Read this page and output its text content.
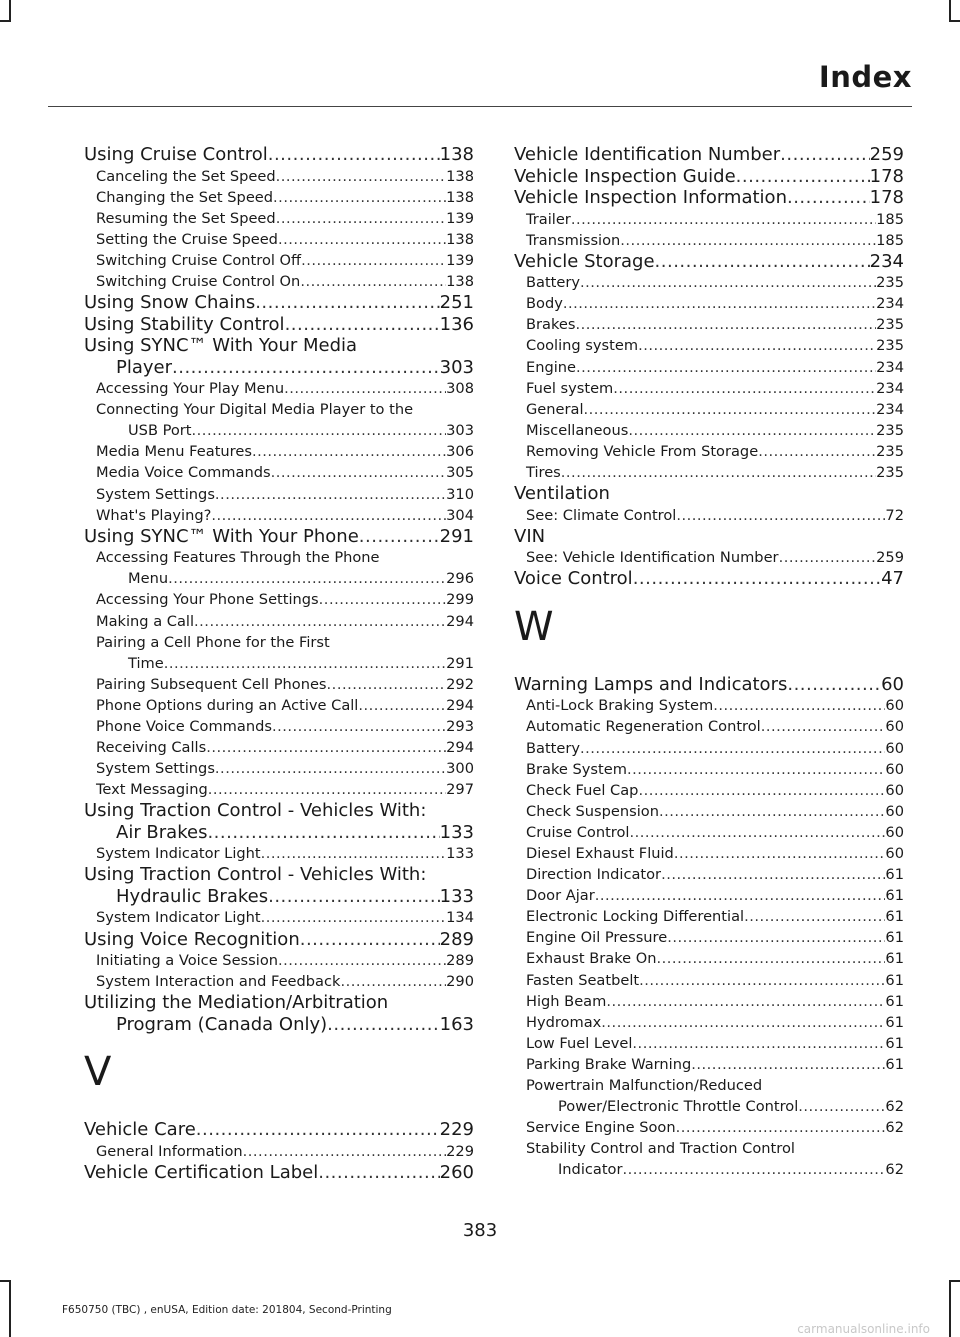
Index
Using Cruise Control .....	138
Canceling the Set Speed .....	138
Changing the Set Speed .....	138
Resuming the Set Speed .....	139
Setting the Cruise Speed .....	138
Switching Cruise Control Off .....	139
Switching Cruise Control On .....	138
Using Snow Chains .....	251
Using Stability Control .....	136
Using SYNC™ With Your Media
Player .....	303
Accessing Your Play Menu .....	308
Connecting Your Digital Media Player to the
USB Port .....	303
Media Menu Features .....	306
Media Voice Commands .....	305
System Settings .....	310
What's Playing? .....	304
Using SYNC™ With Your Phone .....	291
Accessing Features Through the Phone
Menu .....	296
Accessing Your Phone Settings .....	299
Making a Call .....	294
Pairing a Cell Phone for the First
Time .....	291
Pairing Subsequent Cell Phones .....	292
Phone Options during an Active Call .....	294
Phone Voice Commands .....	293
Receiving Calls .....	294
System Settings .....	300
Text Messaging .....	297
Using Traction Control - Vehicles With:
Air Brakes .....	133
System Indicator Light .....	133
Using Traction Control - Vehicles With:
Hydraulic Brakes .....	133
System Indicator Light .....	134
Using Voice Recognition .....	289
Initiating a Voice Session .....	289
System Interaction and Feedback .....	290
Utilizing the Mediation/Arbitration
Program (Canada Only) .....	163
V
Vehicle Care .....	229
General Information .....	229
Vehicle Certification Label .....	260
Vehicle Identification Number .....	259
Vehicle Inspection Guide .....	178
Vehicle Inspection Information .....	178
Trailer .....	185
Transmission .....	185
Vehicle Storage .....	234
Battery .....	235
Body .....	234
Brakes .....	235
Cooling system .....	235
Engine .....	234
Fuel system .....	234
General .....	234
Miscellaneous .....	235
Removing Vehicle From Storage .....	235
Tires .....	235
Ventilation
See: Climate Control .....	72
VIN
See: Vehicle Identification Number .....	259
Voice Control .....	47
W
Warning Lamps and Indicators .....	60
Anti-Lock Braking System .....	60
Automatic Regeneration Control .....	60
Battery .....	60
Brake System .....	60
Check Fuel Cap .....	60
Check Suspension .....	60
Cruise Control .....	60
Diesel Exhaust Fluid .....	60
Direction Indicator .....	61
Door Ajar .....	61
Electronic Locking Differential .....	61
Engine Oil Pressure .....	61
Exhaust Brake On .....	61
Fasten Seatbelt .....	61
High Beam .....	61
Hydromax .....	61
Low Fuel Level .....	61
Parking Brake Warning .....	61
Powertrain Malfunction/Reduced
Power/Electronic Throttle Control .....	62
Service Engine Soon .....	62
Stability Control and Traction Control
Indicator .....	62
383
F650750 (TBC) , enUSA, Edition date: 201804, Second-Printing
carmanualsonline.info
